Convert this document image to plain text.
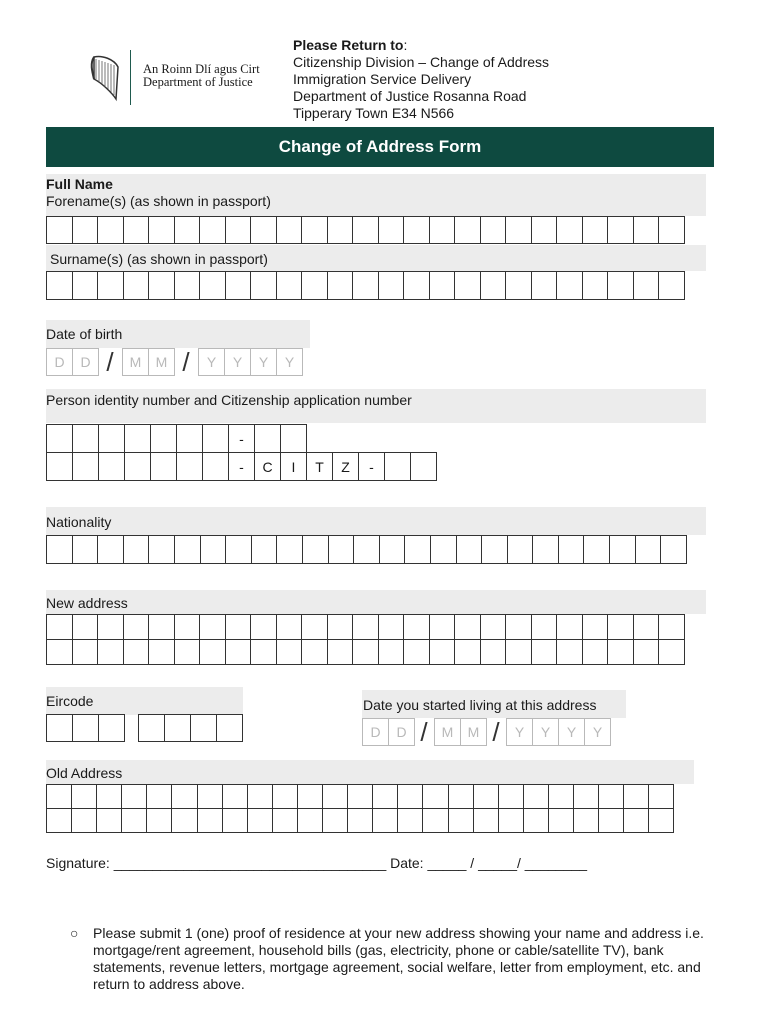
An Roinn Dlí agus Cirt
Department of Justice
Please Return to:
Citizenship Division – Change of Address
Immigration Service Delivery
Department of Justice Rosanna Road
Tipperary Town E34 N566
Change of Address Form
Full Name
Forename(s) (as shown in passport)
Surname(s) (as shown in passport)
Date of birth
D	D /	M	M /	Y	Y	Y	Y
Person identity number and Citizenship application number
-
-	C	I	T	Z	-
Nationality
New address
Eircode	Date you started living at this address
D	D /	M	M /	Y	Y	Y	Y
Old Address
Signature: ___________________________________ Date: _____ / _____/ ________
○ Please submit 1 (one) proof of residence at your new address showing your name and address i.e. mortgage/rent agreement, household bills (gas, electricity, phone or cable/satellite TV), bank statements, revenue letters, mortgage agreement, social welfare, letter from employment, etc. and return to address above.
